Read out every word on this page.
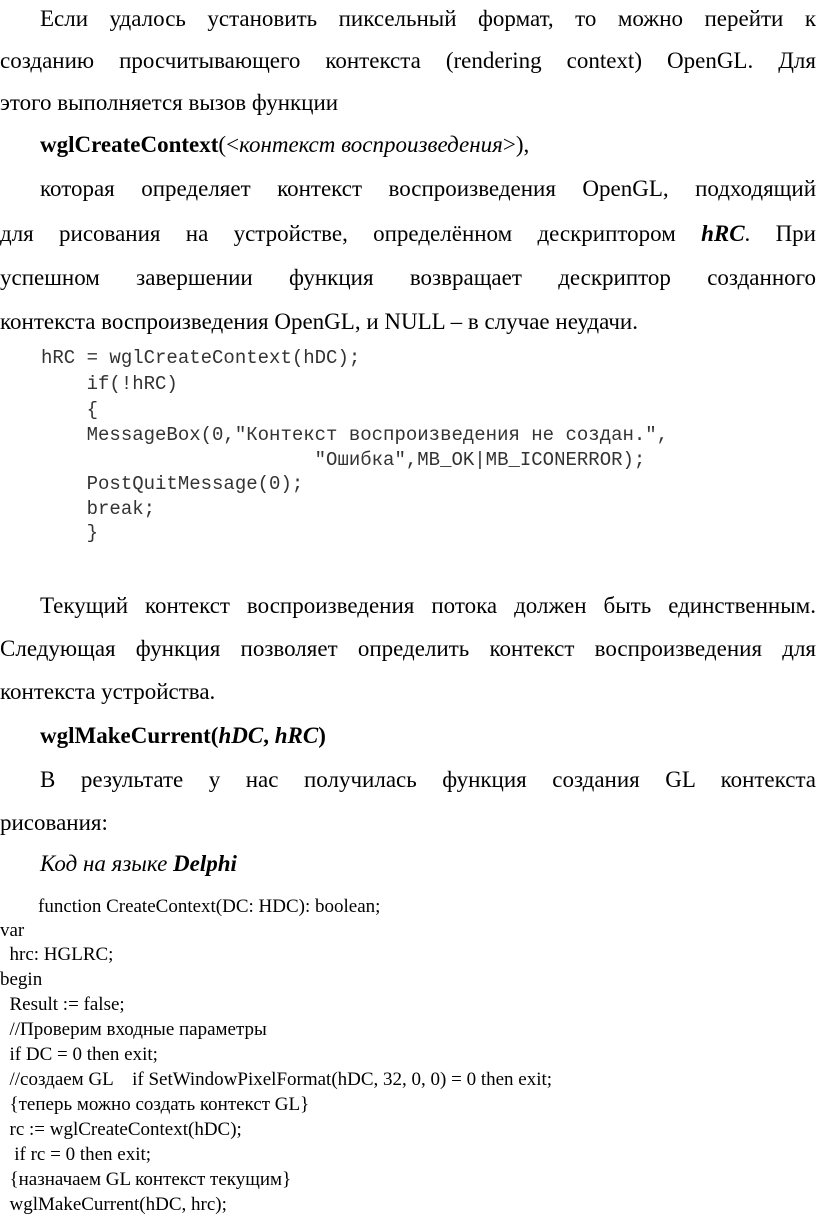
Если удалось установить пиксельный формат, то можно перейти к
созданию просчитывающего контекста (rendering context) OpenGL. Для
этого выполняется вызов функции
wglCreateContext(<контекст воспроизведения>),
которая определяет контекст воспроизведения OpenGL, подходящий
для рисования на устройстве, определённом дескриптором hRC. При
успешном завершении функция возвращает дескриптор созданного
контекста воспроизведения OpenGL, и NULL – в случае неудачи.
hRC = wglCreateContext(hDC);
if(!hRC)
{
MessageBox(0,"Контекст воспроизведения не создан.",
"Ошибка",MB_OK|MB_ICONERROR);
PostQuitMessage(0);
break;
}
Текущий контекст воспроизведения потока должен быть единственным.
Следующая функция позволяет определить контекст воспроизведения для
контекста устройства.
wglMakeCurrent(hDC, hRC)
В результате у нас получилась функция создания GL контекста
рисования:
Код на языке Delphi
function CreateContext(DC: HDC): boolean;
var
hrc: HGLRC;
begin
Result := false;
//Проверим входные параметры
if DC = 0 then exit;
//создаем GL    if SetWindowPixelFormat(hDC, 32, 0, 0) = 0 then exit;
{теперь можно создать контекст GL}
rc := wglCreateContext(hDC);
if rc = 0 then exit;
{назначаем GL контекст текущим}
wglMakeCurrent(hDC, hrc);
